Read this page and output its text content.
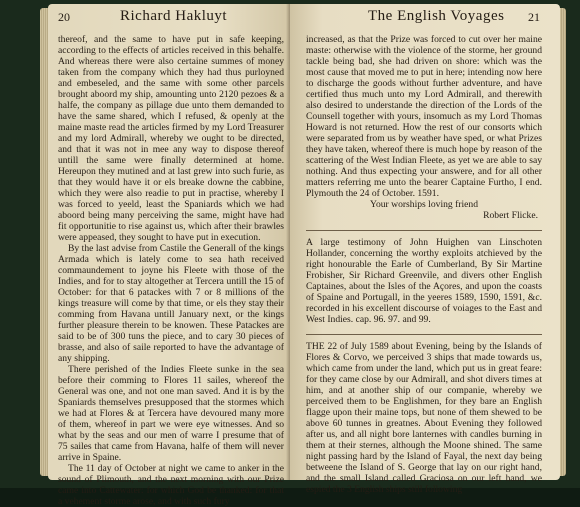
20	Richard Hakluyt

thereof, and the same to have put in safe keeping, according to the effects of articles received in this behalfe. And whereas there were also certaine summes of money taken from the company which they had thus purloyned and embeseled, and the same with some other parcels brought aboord my ship, amounting unto 2120 pezoes & a halfe, the company as pillage due unto them demanded to have the same shared, which I refused, & openly at the maine maste read the articles firmed by my Lord Treasurer and my lord Admirall, whereby we ought to be directed, and that it was not in mee any way to dispose thereof untill the same were finally determined at home. Hereupon they mutined and at last grew into such furie, as that they would have it or els breake downe the cabbine, which they were also readie to put in practise, whereby I was forced to yeeld, least the Spaniards which we had aboord being many perceiving the same, might have had fit opportunitie to rise against us, which after their brawles were appeased, they sought to have put in execution.

By the last advise from Castile the Generall of the kings Armada which is lately come to sea hath received commaundement to joyne his Fleete with those of the Indies, and for to stay altogether at Tercera untill the 15 of October: for that 6 patackes with 7 or 8 millions of the kings treasure will come by that time, or els they stay their comming from Havana untill January next, or the kings further pleasure therein to be knowen. These Patackes are said to be of 300 tuns the piece, and to cary 30 pieces of brasse, and also of saile reported to have the advantage of any shipping.

There perished of the Indies Fleete sunke in the sea before their comming to Flores 11 sailes, whereof the General was one, and not one man saved. And it is by the Spaniards themselves presupposed that the stormes which we had at Flores & at Tercera have devoured many more of them, whereof in part we were eye witnesses. And so what by the seas and our men of warre I presume that of 75 sailes that came from Havana, halfe of them will never arrive in Spaine.

The 11 day of October at night we came to anker in the sound of Plimouth, and the next morning with our Prize came into Cattewater: for which God be thanked: for that a vehement storme arose, and with such fury

The English Voyages 21

increased, as that the Prize was forced to cut over her maine maste: otherwise with the violence of the storme, her ground tackle being bad, she had driven on shore: which was the most cause that moved me to put in here; intending now here to discharge the goods without further adventure, and have certified thus much unto my Lord Admirall, and therewith also desired to understande the direction of the Lords of the Counsell together with yours, insomuch as my Lord Thomas Howard is not returned. How the rest of our consorts which were separated from us by weather have sped, or what Prizes they have taken, whereof there is much hope by reason of the scattering of the West Indian Fleete, as yet we are able to say nothing. And thus expecting your answere, and for all other matters referring me unto the bearer Captaine Furtho, I end. Plymouth the 24 of October. 1591.

Your worships loving friend

Robert Flicke.

A large testimony of John Huighen van Linschoten Hollander, concerning the worthy exploits atchieved by the right honourable the Earle of Cumberland, By Sir Martine Frobisher, Sir Richard Greenvile, and divers other English Captaines, about the Isles of the Açores, and upon the coasts of Spaine and Portugall, in the yeeres 1589, 1590, 1591, &c. recorded in his excellent discourse of voiages to the East and West Indies. cap. 96. 97. and 99.

THE 22 of July 1589 about Evening, being by the Islands of Flores & Corvo, we perceived 3 ships that made towards us, which came from under the land, which put us in great feare: for they came close by our Admirall, and shot divers times at him, and at another ship of our companie, whereby we perceived them to be Englishmen, for they bare an English flagge upon their maine tops, but none of them shewed to be above 60 tunnes in greatnes. About Evening they followed after us, and all night bore lanternes with candles burning in them at their sternes, although the Moone shined. The same night passing hard by the Island of Fayal, the next day being betweene the Island of S. George that lay on our right hand, and the small Island called Graciosa on our left hand, we espied the 3 English ships still following
